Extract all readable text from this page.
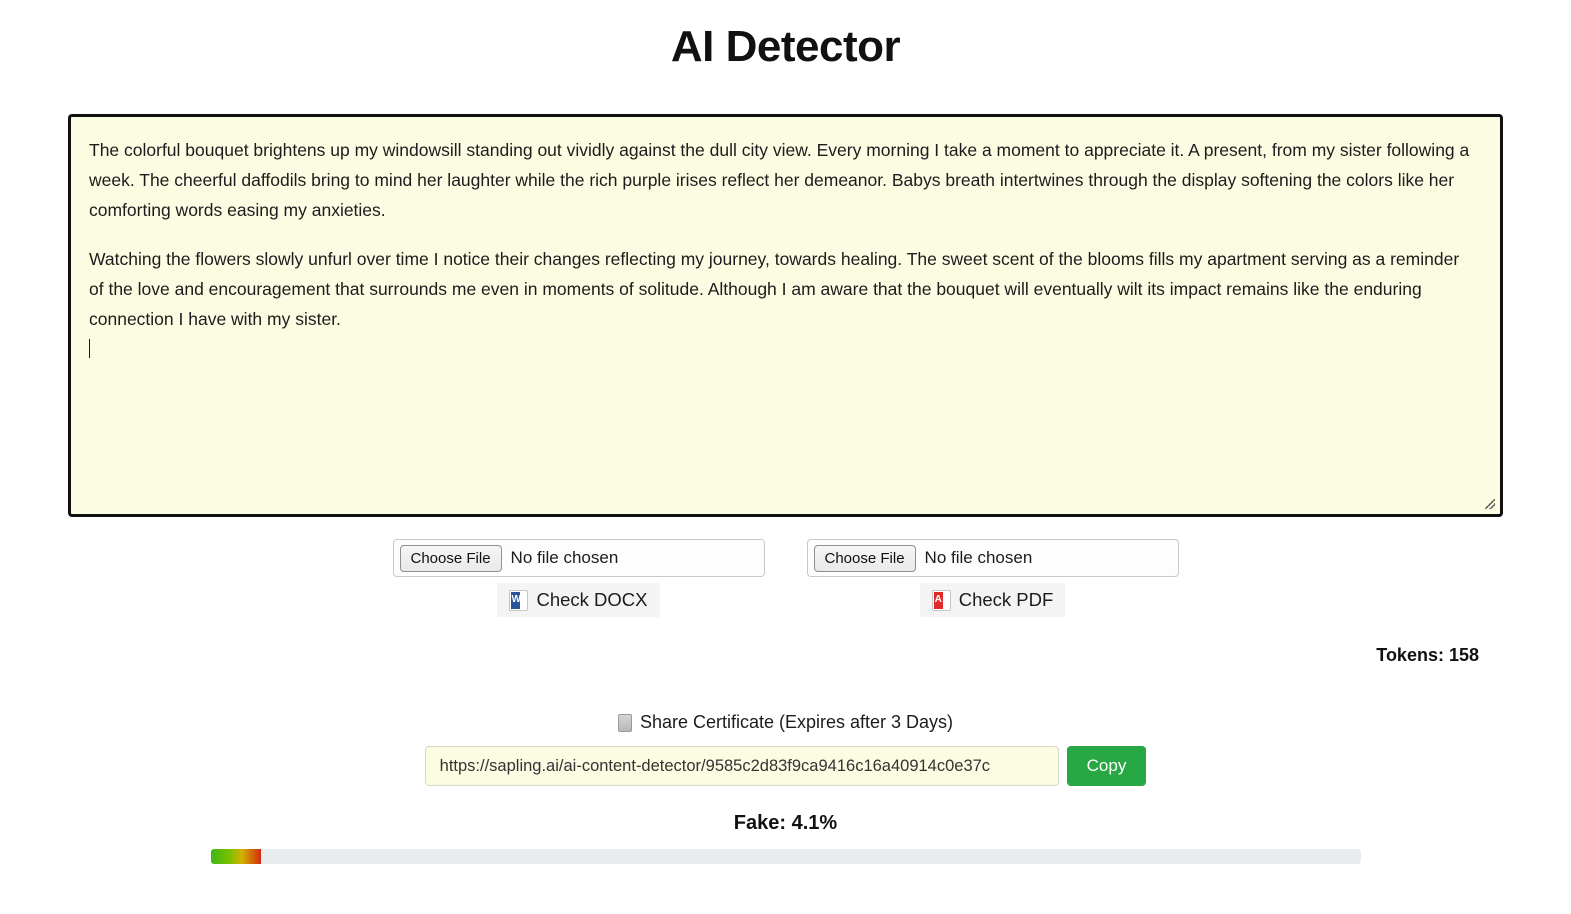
AI Detector

The colorful bouquet brightens up my windowsill standing out vividly against the dull city view. Every morning I take a moment to appreciate it. A present, from my sister following a week. The cheerful daffodils bring to mind her laughter while the rich purple irises reflect her demeanor. Babys breath intertwines through the display softening the colors like her comforting words easing my anxieties.

Watching the flowers slowly unfurl over time I notice their changes reflecting my journey, towards healing. The sweet scent of the blooms fills my apartment serving as a reminder of the love and encouragement that surrounds me even in moments of solitude. Although I am aware that the bouquet will eventually wilt its impact remains like the enduring connection I have with my sister.

Choose File	No file chosen
W Check DOCX
Choose File	No file chosen
A Check PDF
Tokens: 158
Share Certificate (Expires after 3 Days)
https://sapling.ai/ai-content-detector/9585c2d83f9ca9416c16a40914c0e37c	Copy
Fake: 4.1%
